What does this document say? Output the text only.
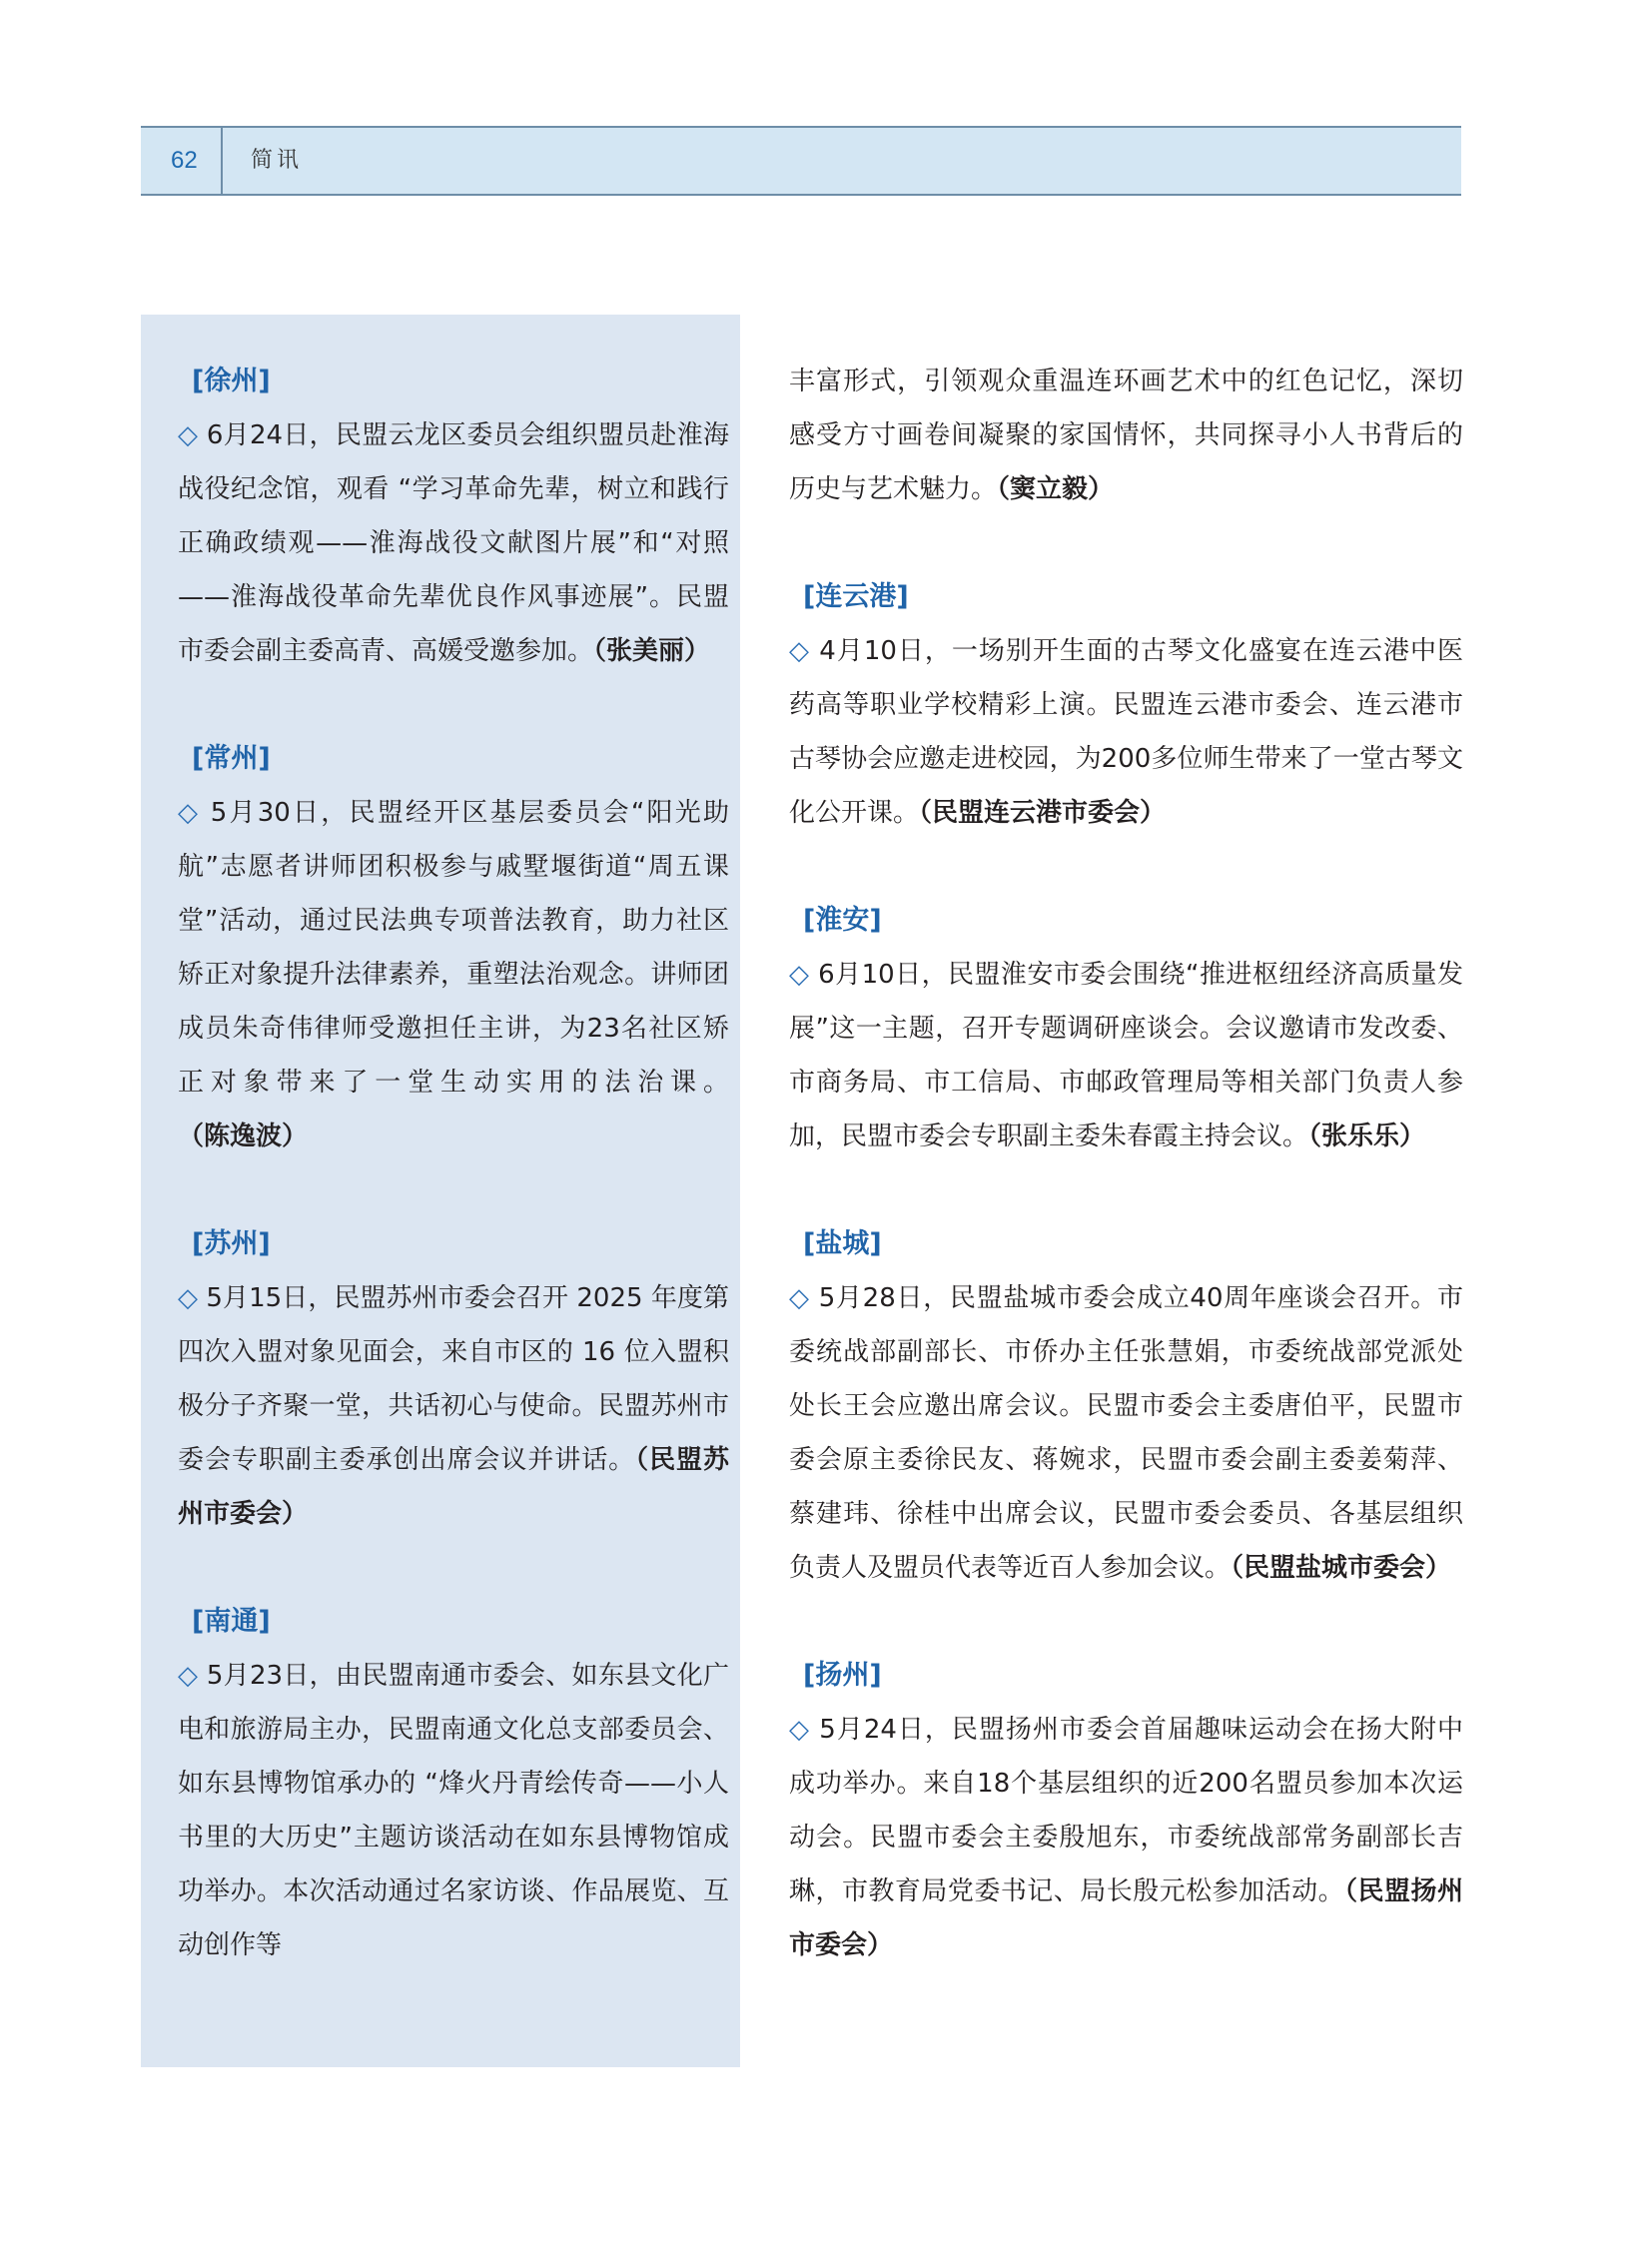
62 简讯
[徐州]

◇ 6月24日，民盟云龙区委员会组织盟员赴淮海战役纪念馆，观看 “学习革命先辈，树立和践行正确政绩观——淮海战役文献图片展”和“对照——淮海战役革命先辈优良作风事迹展”。民盟市委会副主委高青、高媛受邀参加。（张美丽）

[常州]

◇ 5月30日，民盟经开区基层委员会“阳光助航”志愿者讲师团积极参与戚墅堰街道“周五课堂”活动，通过民法典专项普法教育，助力社区矫正对象提升法律素养，重塑法治观念。讲师团成员朱奇伟律师受邀担任主讲，为23名社区矫正对象带来了一堂生动实用的法治课。（陈逸波）

[苏州]

◇ 5月15日，民盟苏州市委会召开 2025 年度第四次入盟对象见面会，来自市区的 16 位入盟积极分子齐聚一堂，共话初心与使命。民盟苏州市委会专职副主委承创出席会议并讲话。（民盟苏州市委会）

[南通]

◇ 5月23日，由民盟南通市委会、如东县文化广电和旅游局主办，民盟南通文化总支部委员会、如东县博物馆承办的 “烽火丹青绘传奇——小人书里的大历史”主题访谈活动在如东县博物馆成功举办。本次活动通过名家访谈、作品展览、互动创作等

丰富形式，引领观众重温连环画艺术中的红色记忆，深切感受方寸画卷间凝聚的家国情怀，共同探寻小人书背后的历史与艺术魅力。（窦立毅）

[连云港]

◇ 4月10日，一场别开生面的古琴文化盛宴在连云港中医药高等职业学校精彩上演。民盟连云港市委会、连云港市古琴协会应邀走进校园，为200多位师生带来了一堂古琴文化公开课。（民盟连云港市委会）

[淮安]

◇ 6月10日，民盟淮安市委会围绕“推进枢纽经济高质量发展”这一主题，召开专题调研座谈会。会议邀请市发改委、市商务局、市工信局、市邮政管理局等相关部门负责人参加，民盟市委会专职副主委朱春霞主持会议。（张乐乐）

[盐城]

◇ 5月28日，民盟盐城市委会成立40周年座谈会召开。市委统战部副部长、市侨办主任张慧娟，市委统战部党派处处长王会应邀出席会议。民盟市委会主委唐伯平，民盟市委会原主委徐民友、蒋婉求，民盟市委会副主委姜菊萍、蔡建玮、徐桂中出席会议，民盟市委会委员、各基层组织负责人及盟员代表等近百人参加会议。（民盟盐城市委会）

[扬州]

◇ 5月24日，民盟扬州市委会首届趣味运动会在扬大附中成功举办。来自18个基层组织的近200名盟员参加本次运动会。民盟市委会主委殷旭东，市委统战部常务副部长吉琳，市教育局党委书记、局长殷元松参加活动。（民盟扬州市委会）
